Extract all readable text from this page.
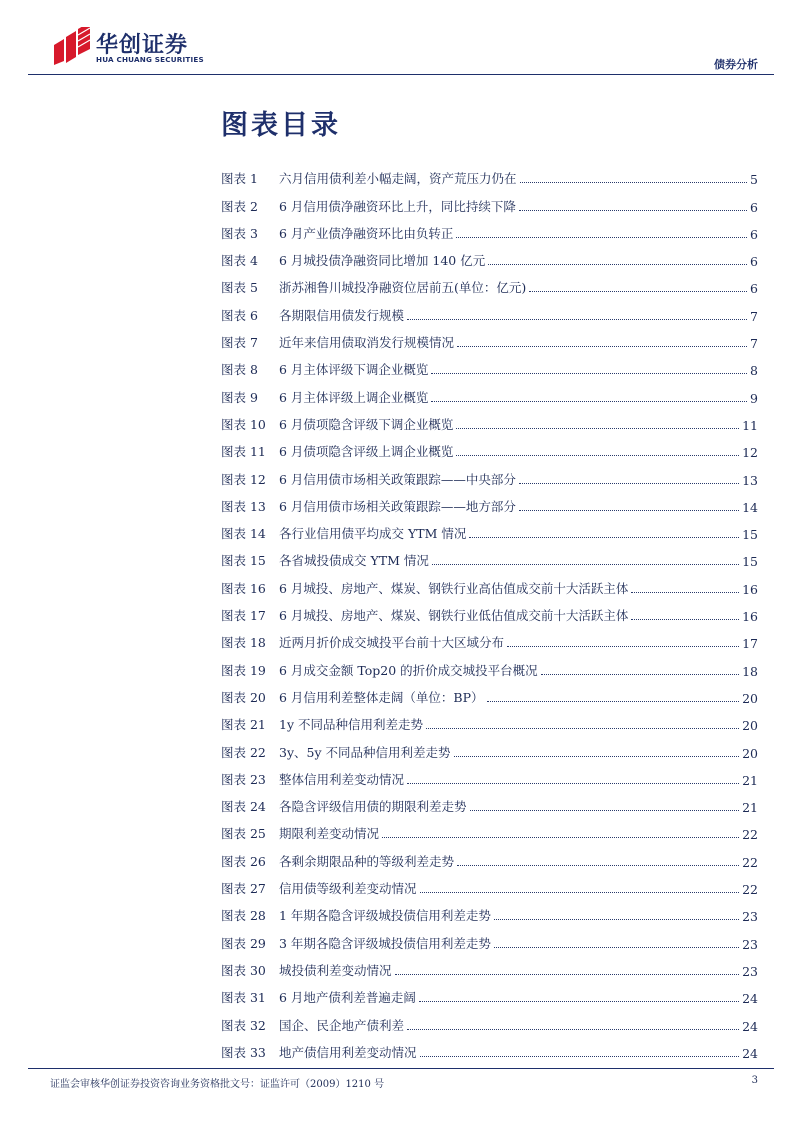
华创证券
HUA CHUANG SECURITIES	债券分析
图表目录
图表 1	六月信用债利差小幅走阔，资产荒压力仍在	5
图表 2	6 月信用债净融资环比上升，同比持续下降	6
图表 3	6 月产业债净融资环比由负转正	6
图表 4	6 月城投债净融资同比增加 140 亿元	6
图表 5	浙苏湘鲁川城投净融资位居前五(单位：亿元)	6
图表 6	各期限信用债发行规模	7
图表 7	近年来信用债取消发行规模情况	7
图表 8	6 月主体评级下调企业概览	8
图表 9	6 月主体评级上调企业概览	9
图表 10	6 月债项隐含评级下调企业概览	11
图表 11	6 月债项隐含评级上调企业概览	12
图表 12	6 月信用债市场相关政策跟踪——中央部分	13
图表 13	6 月信用债市场相关政策跟踪——地方部分	14
图表 14	各行业信用债平均成交 YTM 情况	15
图表 15	各省城投债成交 YTM 情况	15
图表 16	6 月城投、房地产、煤炭、钢铁行业高估值成交前十大活跃主体	16
图表 17	6 月城投、房地产、煤炭、钢铁行业低估值成交前十大活跃主体	16
图表 18	近两月折价成交城投平台前十大区域分布	17
图表 19	6 月成交金额 Top20 的折价成交城投平台概况	18
图表 20	6 月信用利差整体走阔（单位：BP）	20
图表 21	1y 不同品种信用利差走势	20
图表 22	3y、5y 不同品种信用利差走势	20
图表 23	整体信用利差变动情况	21
图表 24	各隐含评级信用债的期限利差走势	21
图表 25	期限利差变动情况	22
图表 26	各剩余期限品种的等级利差走势	22
图表 27	信用债等级利差变动情况	22
图表 28	1 年期各隐含评级城投债信用利差走势	23
图表 29	3 年期各隐含评级城投债信用利差走势	23
图表 30	城投债利差变动情况	23
图表 31	6 月地产债利差普遍走阔	24
图表 32	国企、民企地产债利差	24
图表 33	地产债信用利差变动情况	24
证监会审核华创证券投资咨询业务资格批文号：证监许可（2009）1210 号	3
